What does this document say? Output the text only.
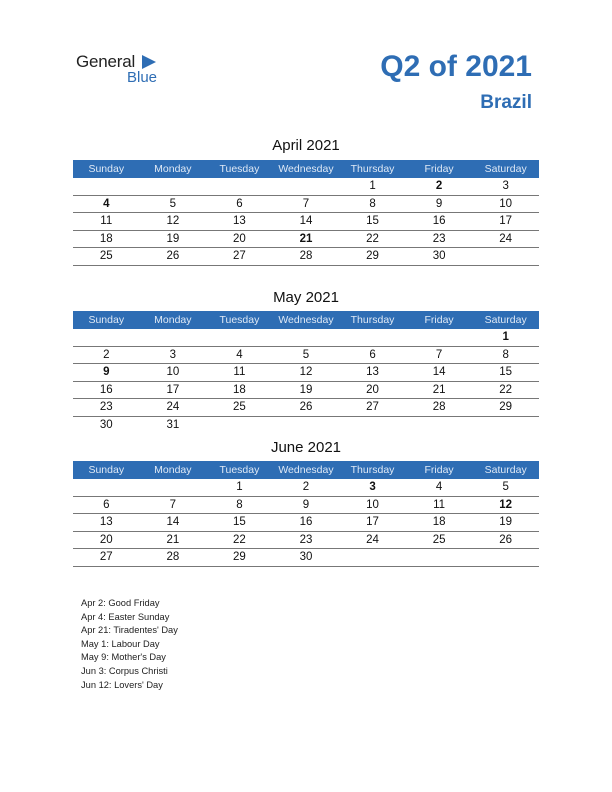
General
Blue	Q2 of 2021
Brazil
April 2021
Sunday	Monday	Tuesday	Wednesday	Thursday	Friday	Saturday
				1	2	3
4	5	6	7	8	9	10
11	12	13	14	15	16	17
18	19	20	21	22	23	24
25	26	27	28	29	30	
May 2021
Sunday	Monday	Tuesday	Wednesday	Thursday	Friday	Saturday
						1
2	3	4	5	6	7	8
9	10	11	12	13	14	15
16	17	18	19	20	21	22
23	24	25	26	27	28	29
30	31					
June 2021
Sunday	Monday	Tuesday	Wednesday	Thursday	Friday	Saturday
		1	2	3	4	5
6	7	8	9	10	11	12
13	14	15	16	17	18	19
20	21	22	23	24	25	26
27	28	29	30			
Apr 2: Good Friday
Apr 4: Easter Sunday
Apr 21: Tiradentes' Day
May 1: Labour Day
May 9: Mother's Day
Jun 3: Corpus Christi
Jun 12: Lovers' Day
